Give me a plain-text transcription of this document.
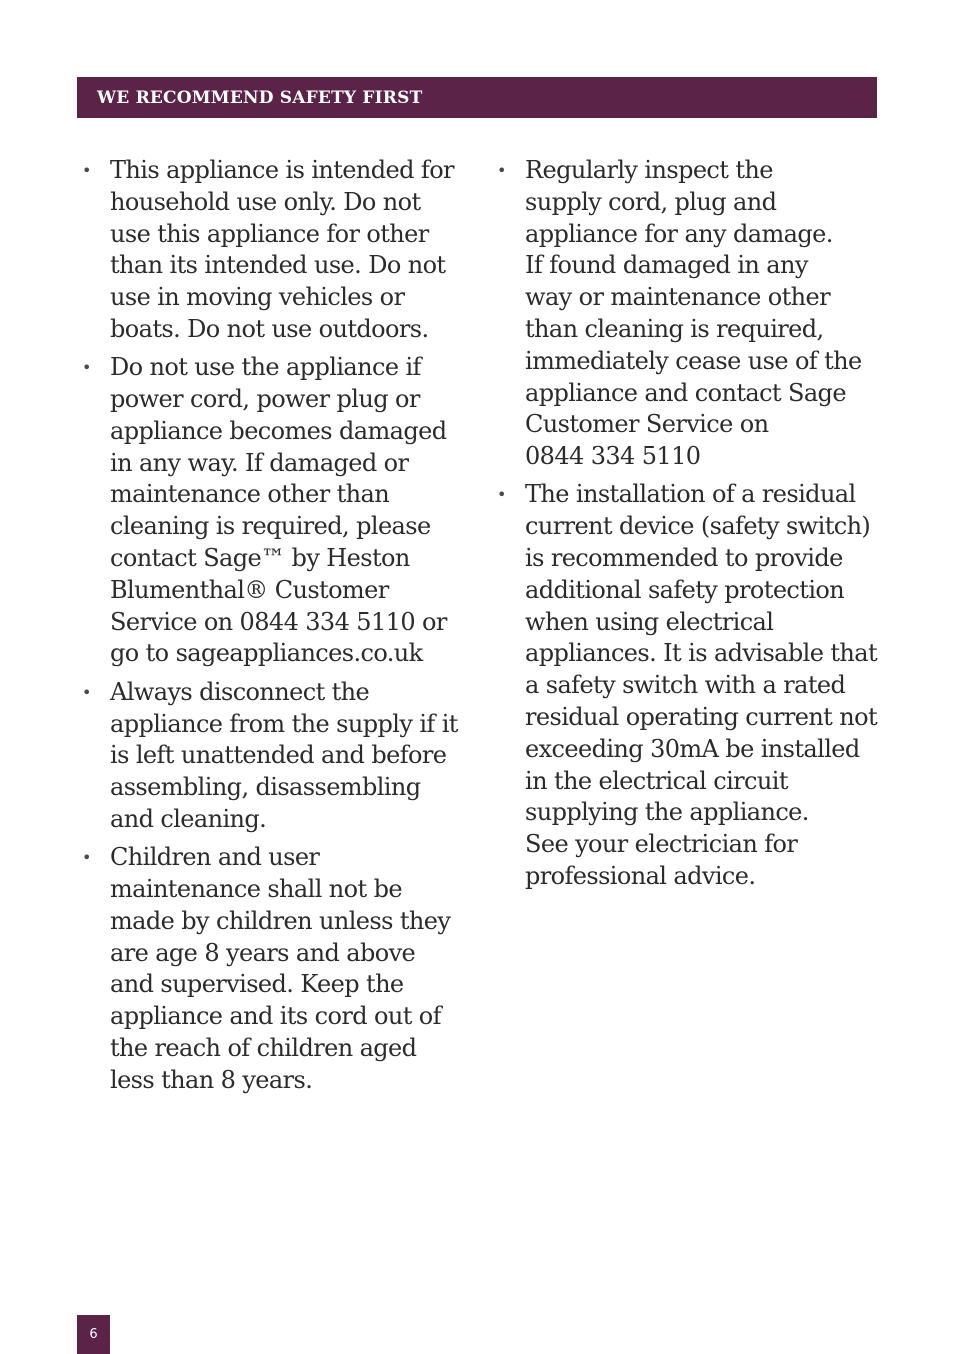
WE RECOMMEND SAFETY FIRST
• This appliance is intended for
household use only. Do not
use this appliance for other
than its intended use. Do not
use in moving vehicles or
boats. Do not use outdoors.
• Do not use the appliance if
power cord, power plug or
appliance becomes damaged
in any way. If damaged or
maintenance other than
cleaning is required, please
contact Sage™ by Heston
Blumenthal® Customer
Service on 0844 334 5110 or
go to sageappliances.co.uk
• Always disconnect the
appliance from the supply if it
is left unattended and before
assembling, disassembling
and cleaning.
• Children and user
maintenance shall not be
made by children unless they
are age 8 years and above
and supervised. Keep the
appliance and its cord out of
the reach of children aged
less than 8 years.
• Regularly inspect the
supply cord, plug and
appliance for any damage.
If found damaged in any
way or maintenance other
than cleaning is required,
immediately cease use of the
appliance and contact Sage
Customer Service on
0844 334 5110
• The installation of a residual
current device (safety switch)
is recommended to provide
additional safety protection
when using electrical
appliances. It is advisable that
a safety switch with a rated
residual operating current not
exceeding 30mA be installed
in the electrical circuit
supplying the appliance.
See your electrician for
professional advice.
6
